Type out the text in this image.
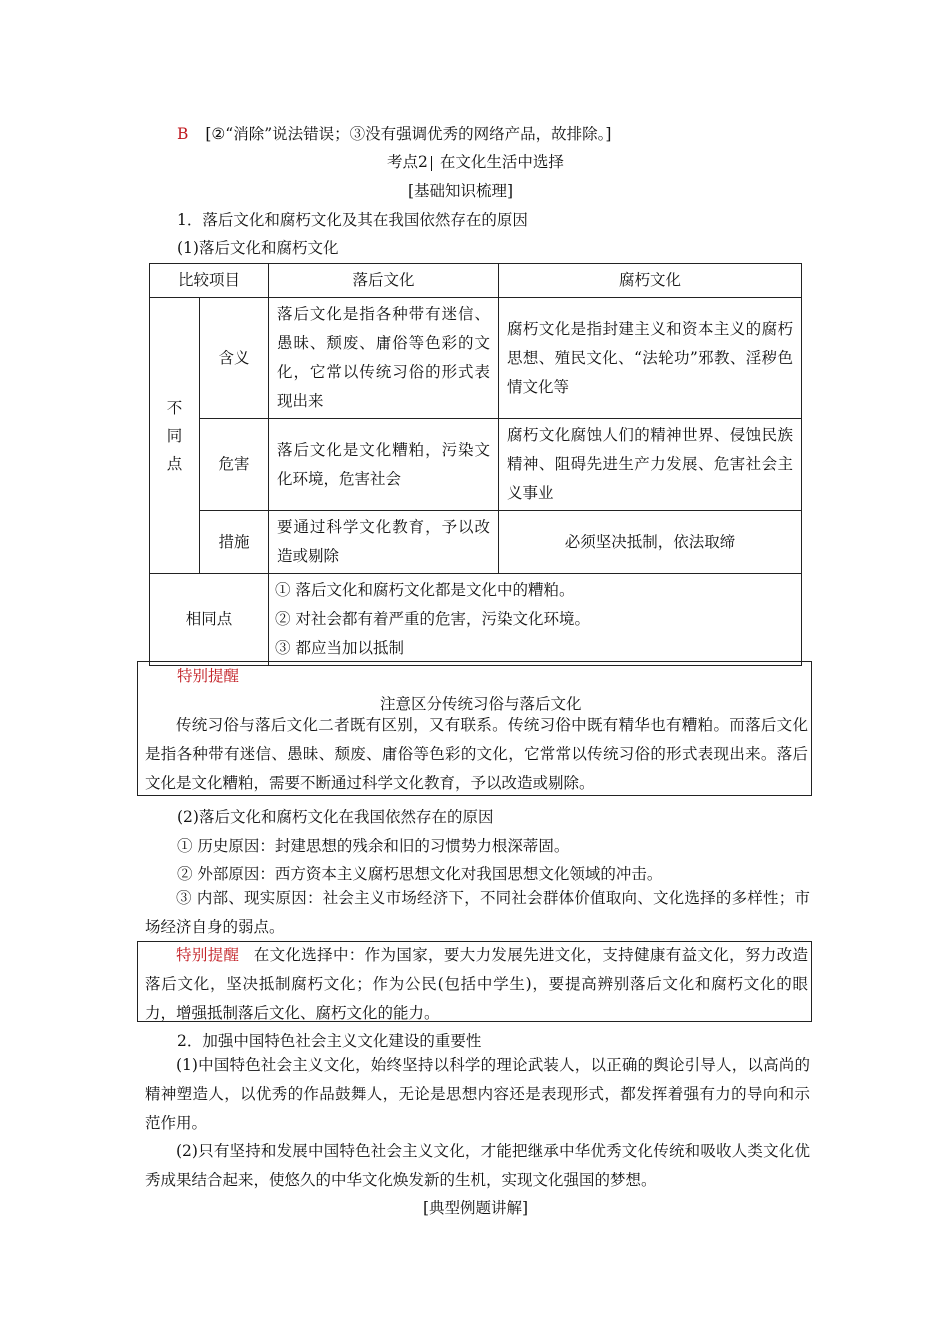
B [②“消除”说法错误；③没有强调优秀的网络产品，故排除。]
考点2 在文化生活中选择
[基础知识梳理]
1．落后文化和腐朽文化及其在我国依然存在的原因
(1)落后文化和腐朽文化
比较项目		落后文化	腐朽文化

不
同
点	含义	落后文化是指各种带有迷信、愚昧、颓废、庸俗等色彩的文化，它常以传统习俗的形式表现出来	腐朽文化是指封建主义和资本主义的腐朽思想、殖民文化、“法轮功”邪教、淫秽色情文化等
	危害	落后文化是文化糟粕，污染文化环境，危害社会	腐朽文化腐蚀人们的精神世界、侵蚀民族精神、阻碍先进生产力发展、危害社会主义事业
	措施	要通过科学文化教育，予以改造或剔除	必须坚决抵制，依法取缔
相同点		① 落后文化和腐朽文化都是文化中的糟粕。
② 对社会都有着严重的危害，污染文化环境。
③ 都应当加以抵制	
特别提醒
注意区分传统习俗与落后文化
传统习俗与落后文化二者既有区别，又有联系。传统习俗中既有精华也有糟粕。而落后文化是指各种带有迷信、愚昧、颓废、庸俗等色彩的文化，它常常以传统习俗的形式表现出来。落后文化是文化糟粕，需要不断通过科学文化教育，予以改造或剔除。
(2)落后文化和腐朽文化在我国依然存在的原因
① 历史原因：封建思想的残余和旧的习惯势力根深蒂固。
② 外部原因：西方资本主义腐朽思想文化对我国思想文化领域的冲击。
③ 内部、现实原因：社会主义市场经济下，不同社会群体价值取向、文化选择的多样性；市场经济自身的弱点。
特别提醒 在文化选择中：作为国家，要大力发展先进文化，支持健康有益文化，努力改造落后文化，坚决抵制腐朽文化；作为公民(包括中学生)，要提高辨别落后文化和腐朽文化的眼力，增强抵制落后文化、腐朽文化的能力。
2．加强中国特色社会主义文化建设的重要性
(1)中国特色社会主义文化，始终坚持以科学的理论武装人，以正确的舆论引导人，以高尚的精神塑造人，以优秀的作品鼓舞人，无论是思想内容还是表现形式，都发挥着强有力的导向和示范作用。
(2)只有坚持和发展中国特色社会主义文化，才能把继承中华优秀文化传统和吸收人类文化优秀成果结合起来，使悠久的中华文化焕发新的生机，实现文化强国的梦想。
[典型例题讲解]
